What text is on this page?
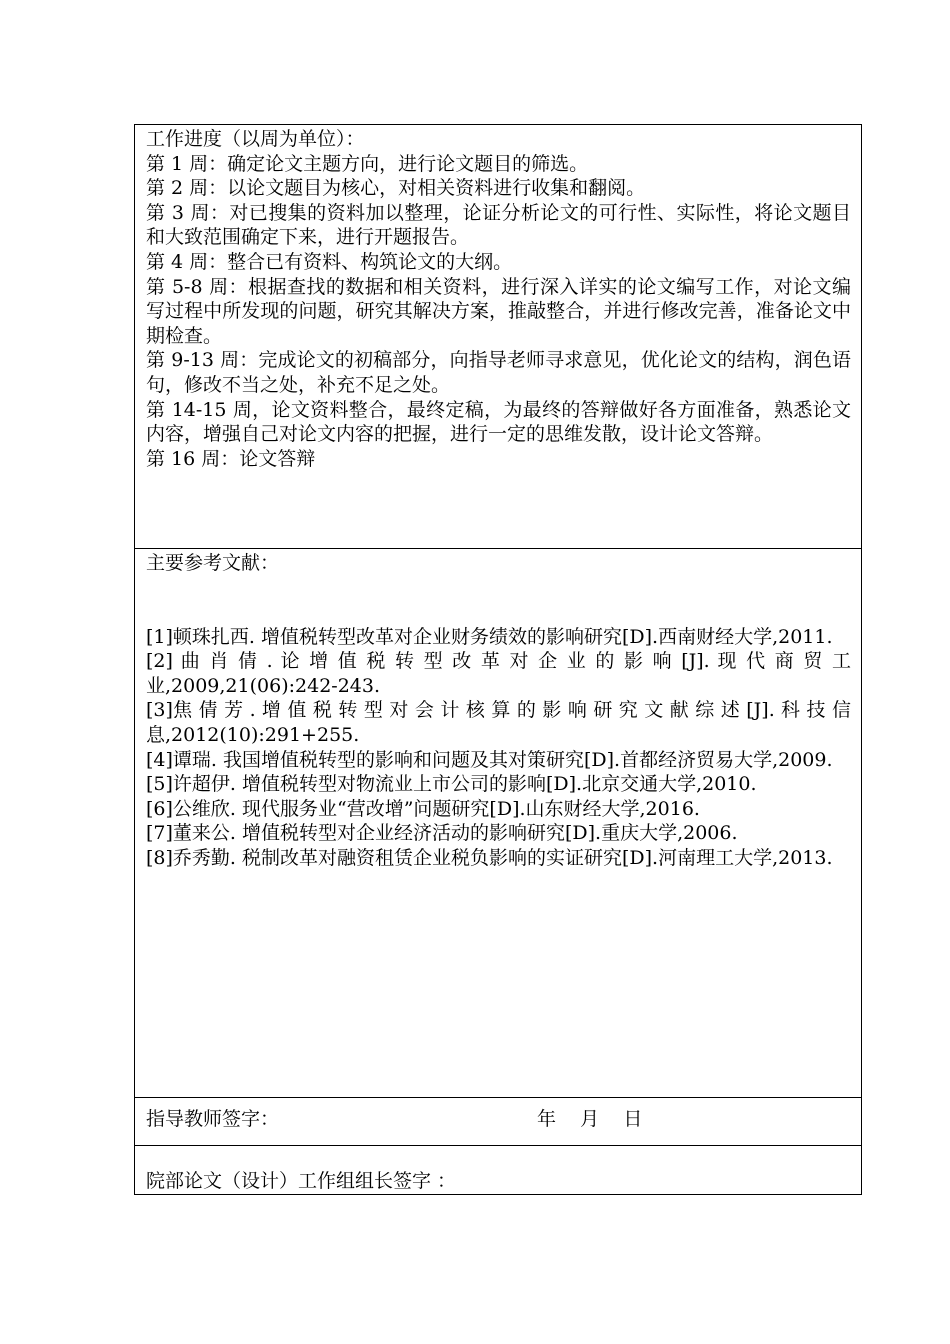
工作进度（以周为单位）：
第 1 周：确定论文主题方向，进行论文题目的筛选。
第 2 周：以论文题目为核心，对相关资料进行收集和翻阅。
第 3 周：对已搜集的资料加以整理，论证分析论文的可行性、实际性，将论文题目和大致范围确定下来，进行开题报告。
第 4 周：整合已有资料、构筑论文的大纲。
第 5-8 周：根据查找的数据和相关资料，进行深入详实的论文编写工作，对论文编写过程中所发现的问题，研究其解决方案，推敲整合，并进行修改完善，准备论文中期检查。
第 9-13 周：完成论文的初稿部分，向指导老师寻求意见，优化论文的结构，润色语句，修改不当之处，补充不足之处。
第 14-15 周，论文资料整合，最终定稿，为最终的答辩做好各方面准备，熟悉论文内容，增强自己对论文内容的把握，进行一定的思维发散，设计论文答辩。
第 16 周：论文答辩
主要参考文献：
[1]顿珠扎西. 增值税转型改革对企业财务绩效的影响研究[D].西南财经大学,2011.
[2] 曲 肖 倩 . 论 增 值 税 转 型 改 革 对 企 业 的 影 响 [J]. 现 代 商 贸 工 业,2009,21(06):242-243.
[3]焦 倩 芳 . 增 值 税 转 型 对 会 计 核 算 的 影 响 研 究 文 献 综 述 [J]. 科 技 信 息,2012(10):291+255.
[4]谭瑞. 我国增值税转型的影响和问题及其对策研究[D].首都经济贸易大学,2009.
[5]许超伊. 增值税转型对物流业上市公司的影响[D].北京交通大学,2010.
[6]公维欣. 现代服务业“营改增”问题研究[D].山东财经大学,2016.
[7]董来公. 增值税转型对企业经济活动的影响研究[D].重庆大学,2006.
[8]乔秀勤. 税制改革对融资租赁企业税负影响的实证研究[D].河南理工大学,2013.
指导教师签字：	年    月    日
院部论文（设计）工作组组长签字 ：
